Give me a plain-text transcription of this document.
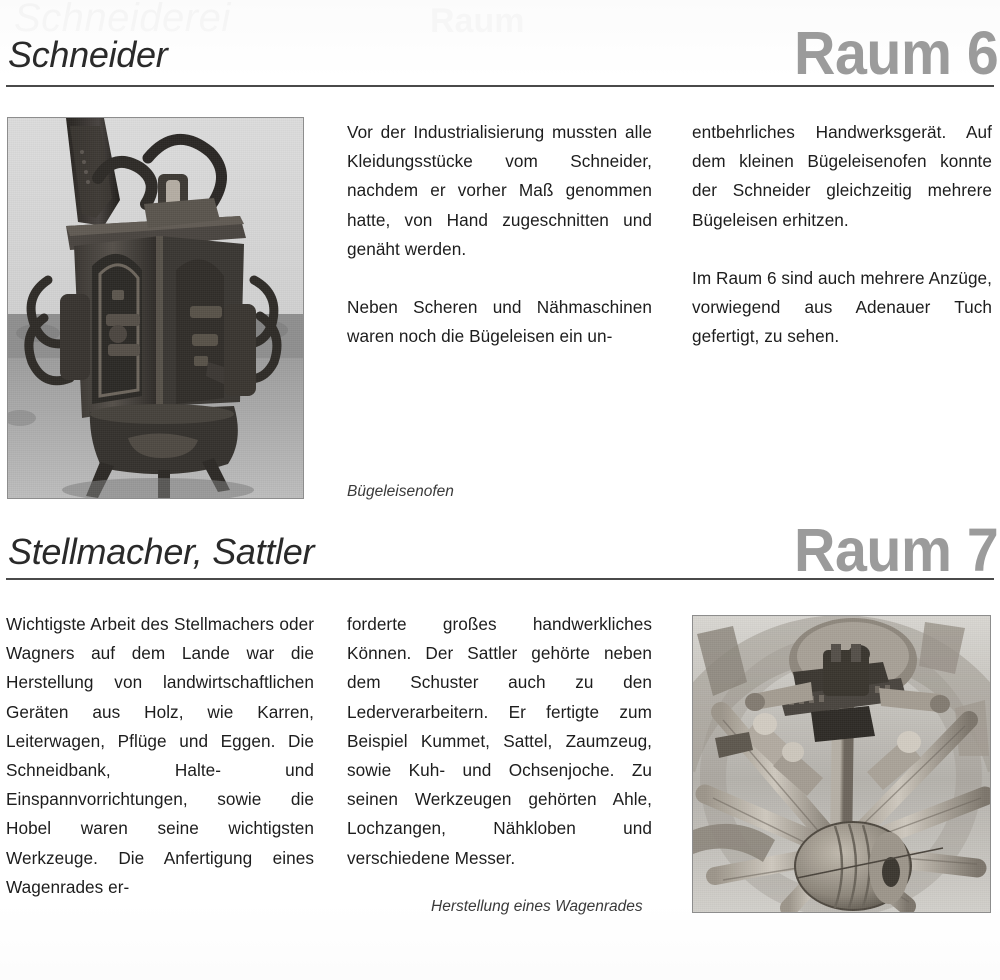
Schneiderei
Schneider	Raum 6

Vor der Industrialisierung mussten alle Kleidungsstücke vom Schneider, nachdem er vorher Maß genommen hatte, von Hand zugeschnitten und genäht werden.

Neben Scheren und Nähmaschinen waren noch die Bügeleisen ein un-

entbehrliches Handwerksgerät. Auf dem kleinen Bügeleisenofen konnte der Schneider gleichzeitig mehrere Bügeleisen erhitzen.

Im Raum 6 sind auch mehrere Anzüge, vorwiegend aus Adenauer Tuch gefertigt, zu sehen.

Bügeleisenofen
Stellmacher, Sattler	Raum 7

Wichtigste Arbeit des Stellmachers oder Wagners auf dem Lande war die Herstellung von landwirtschaftlichen Geräten aus Holz, wie Karren, Leiterwagen, Pflüge und Eggen. Die Schneidbank, Halte- und Einspannvorrichtungen, sowie die Hobel waren seine wichtigsten Werkzeuge. Die Anfertigung eines Wagenrades er-

forderte großes handwerkliches Können. Der Sattler gehörte neben dem Schuster auch zu den Lederverarbeitern. Er fertigte zum Beispiel Kummet, Sattel, Zaumzeug, sowie Kuh- und Ochsenjoche. Zu seinen Werkzeugen gehörten Ahle, Lochzangen, Nähkloben und verschiedene Messer.

Herstellung eines Wagenrades
